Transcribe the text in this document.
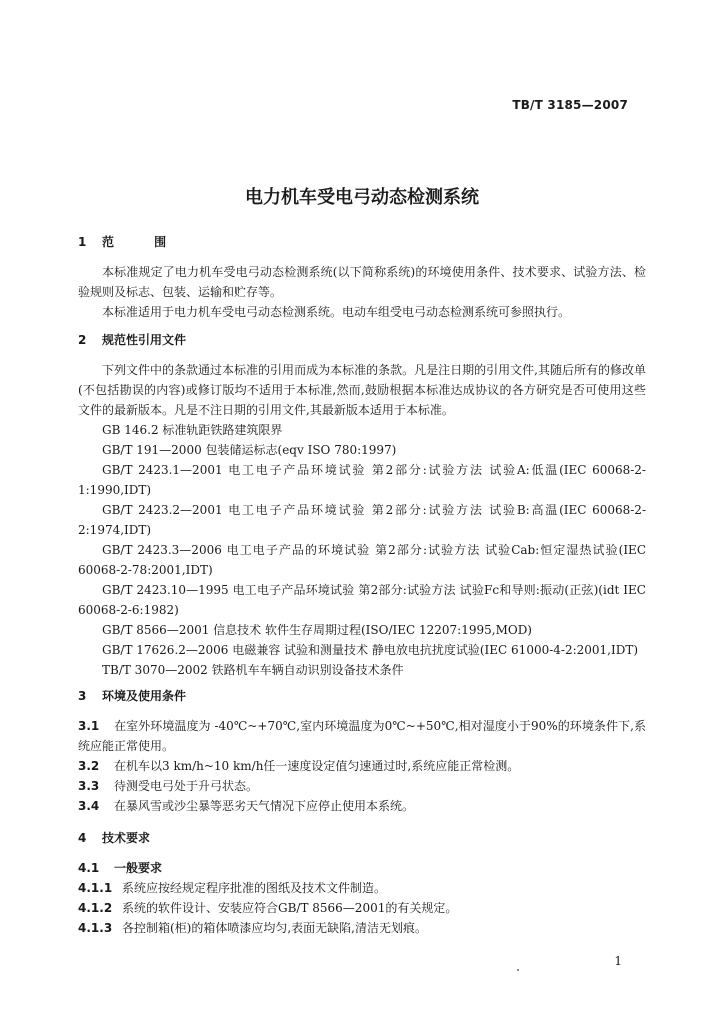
TB/T 3185—2007
电力机车受电弓动态检测系统
1 范 围

本标准规定了电力机车受电弓动态检测系统(以下简称系统)的环境使用条件、技术要求、试验方法、检验规则及标志、包装、运输和贮存等。

本标准适用于电力机车受电弓动态检测系统。电动车组受电弓动态检测系统可参照执行。

2 规范性引用文件

下列文件中的条款通过本标准的引用而成为本标准的条款。凡是注日期的引用文件,其随后所有的修改单(不包括勘误的内容)或修订版均不适用于本标准,然而,鼓励根据本标准达成协议的各方研究是否可使用这些文件的最新版本。凡是不注日期的引用文件,其最新版本适用于本标准。

GB 146.2 标准轨距铁路建筑限界

GB/T 191—2000 包装储运标志(eqv ISO 780:1997)

GB/T 2423.1—2001 电工电子产品环境试验 第2部分:试验方法 试验A:低温(IEC 60068-2-1:1990,IDT)

GB/T 2423.2—2001 电工电子产品环境试验 第2部分:试验方法 试验B:高温(IEC 60068-2-2:1974,IDT)

GB/T 2423.3—2006 电工电子产品的环境试验 第2部分:试验方法 试验Cab:恒定湿热试验(IEC 60068-2-78:2001,IDT)

GB/T 2423.10—1995 电工电子产品环境试验 第2部分:试验方法 试验Fc和导则:振动(正弦)(idt IEC 60068-2-6:1982)

GB/T 8566—2001 信息技术 软件生存周期过程(ISO/IEC 12207:1995,MOD)

GB/T 17626.2—2006 电磁兼容 试验和测量技术 静电放电抗扰度试验(IEC 61000-4-2:2001,IDT)

TB/T 3070—2002 铁路机车车辆自动识别设备技术条件

3 环境及使用条件

3.1 在室外环境温度为 -40℃~+70℃,室内环境温度为0℃~+50℃,相对湿度小于90%的环境条件下,系统应能正常使用。

3.2 在机车以3 km/h~10 km/h任一速度设定值匀速通过时,系统应能正常检测。

3.3 待测受电弓处于升弓状态。

3.4 在暴风雪或沙尘暴等恶劣天气情况下应停止使用本系统。

4 技术要求

4.1 一般要求

4.1.1 系统应按经规定程序批准的图纸及技术文件制造。

4.1.2 系统的软件设计、安装应符合GB/T 8566—2001的有关规定。

4.1.3 各控制箱(柜)的箱体喷漆应均匀,表面无缺陷,清洁无划痕。

1
